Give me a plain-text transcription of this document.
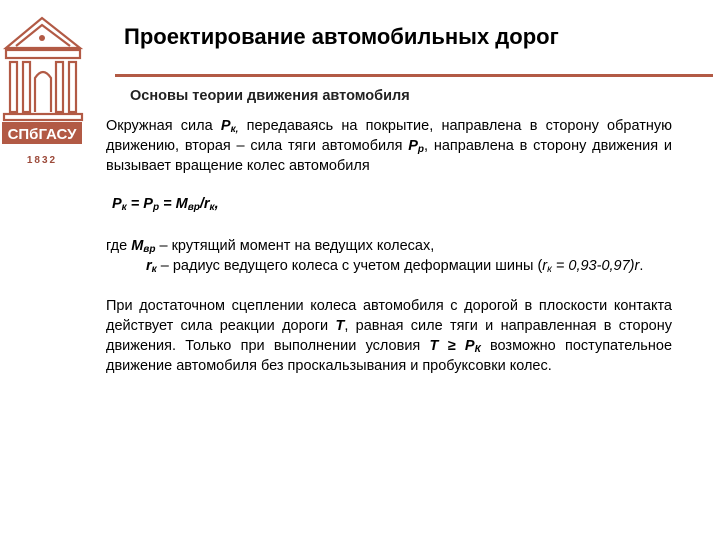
СПбГАСУ
1832
Проектирование автомобильных дорог
Основы теории движения автомобиля

Окружная сила $Р_{к,}$ передаваясь на покрытие, направлена в сторону обратную движению, вторая – сила тяги автомобиля $Р_р$, направлена в сторону движения и вызывает вращение колес автомобиля

$Р_к = Р_р = М_{вр}/r_к$,

где $М_{вр}$ – крутящий момент на ведущих колесах,
$r_к$ – радиус ведущего колеса с учетом деформации шины $(r_к = 0,93-0,97)r$.

При достаточном сцеплении колеса автомобиля с дорогой в плоскости контакта действует сила реакции дороги Т, равная силе тяги и направленная в сторону движения. Только при выполнении условия $Т \ge Р_К$ возможно поступательное движение автомобиля без проскальзывания и пробуксовки колес.
